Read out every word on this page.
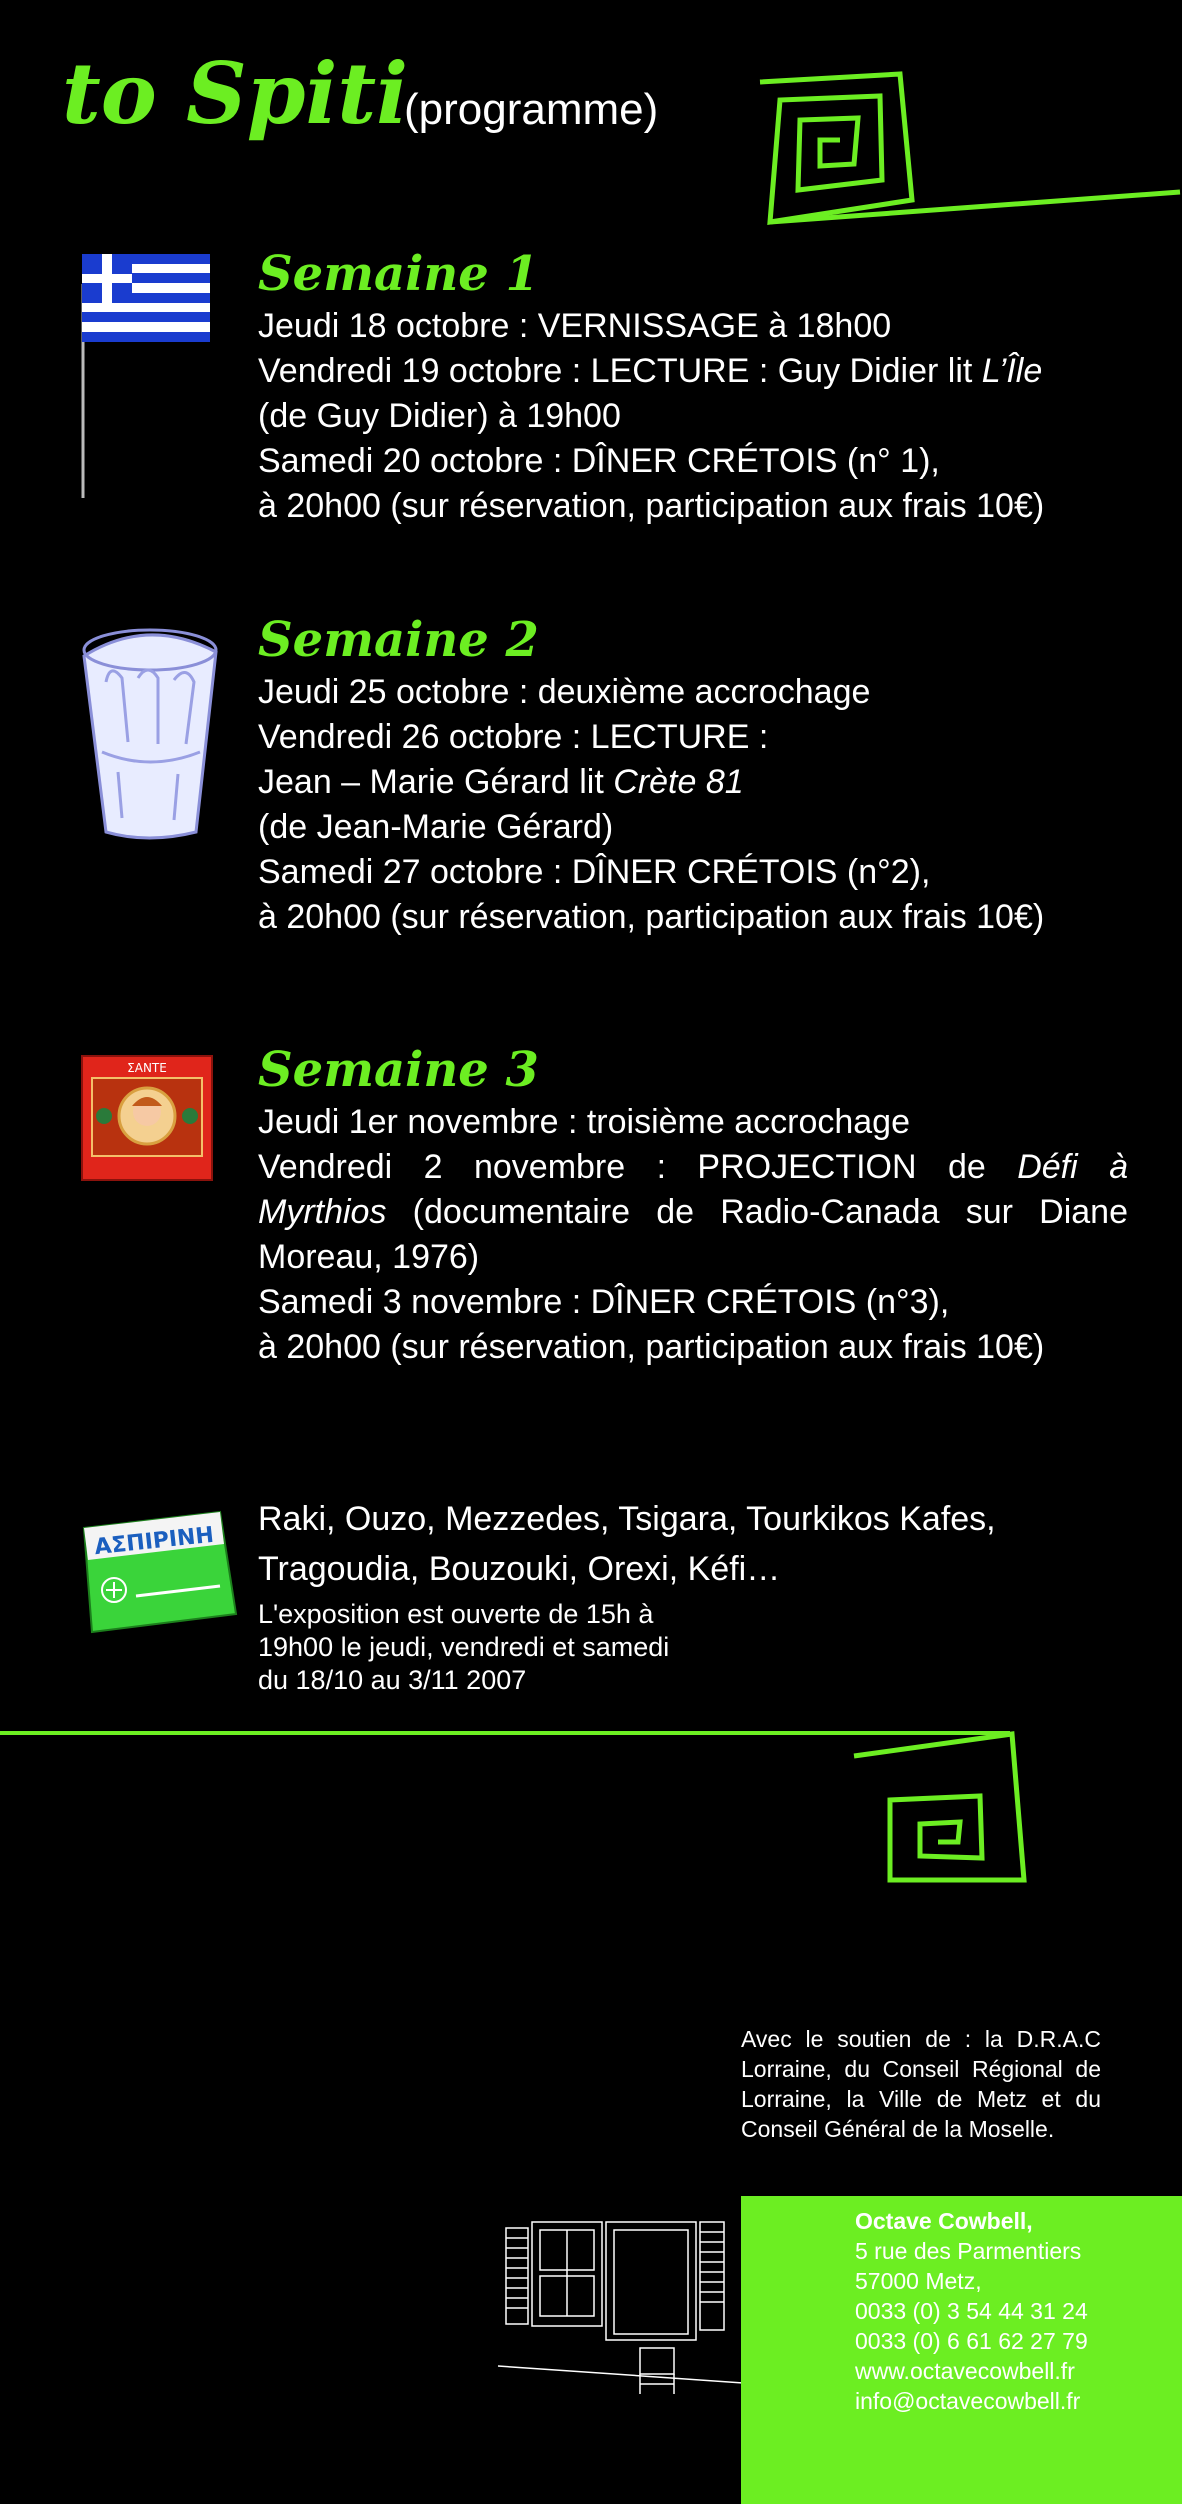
to Spiti
(programme)
Semaine 1

Jeudi 18 octobre : VERNISSAGE à 18h00

Vendredi 19 octobre : LECTURE : Guy Didier lit L’Île

(de Guy Didier) à 19h00

Samedi 20 octobre : DÎNER CRÉTOIS (n° 1),

à 20h00 (sur réservation, participation aux frais 10€)

Semaine 2

Jeudi 25 octobre : deuxième accrochage

Vendredi 26 octobre : LECTURE :

Jean – Marie Gérard lit Crète 81

(de Jean-Marie Gérard)

Samedi 27 octobre : DÎNER CRÉTOIS (n°2),

à 20h00 (sur réservation, participation aux frais 10€)

ΣΑΝΤΕ Semaine 3

Jeudi 1er novembre : troisième accrochage

Vendredi 2 novembre : PROJECTION de Défi à

Myrthios (documentaire de Radio-Canada sur Diane

Moreau, 1976)

Samedi 3 novembre : DÎNER CRÉTOIS (n°3),

à 20h00 (sur réservation, participation aux frais 10€)

ΑΣΠΙΡΙΝΗ

Raki, Ouzo, Mezzedes, Tsigara, Tourkikos Kafes,

Tragoudia, Bouzouki, Orexi, Kéfi…

L'exposition est ouverte de 15h à

19h00 le jeudi, vendredi et samedi

du 18/10 au 3/11 2007

Avec le soutien de : la D.R.A.C Lorraine, du Conseil Régional de Lorraine, la Ville de Metz et du Conseil Général de la Moselle.
Octave Cowbell,
5 rue des Parmentiers
57000 Metz,
0033 (0) 3 54 44 31 24
0033 (0) 6 61 62 27 79
www.octavecowbell.fr
info@octavecowbell.fr
